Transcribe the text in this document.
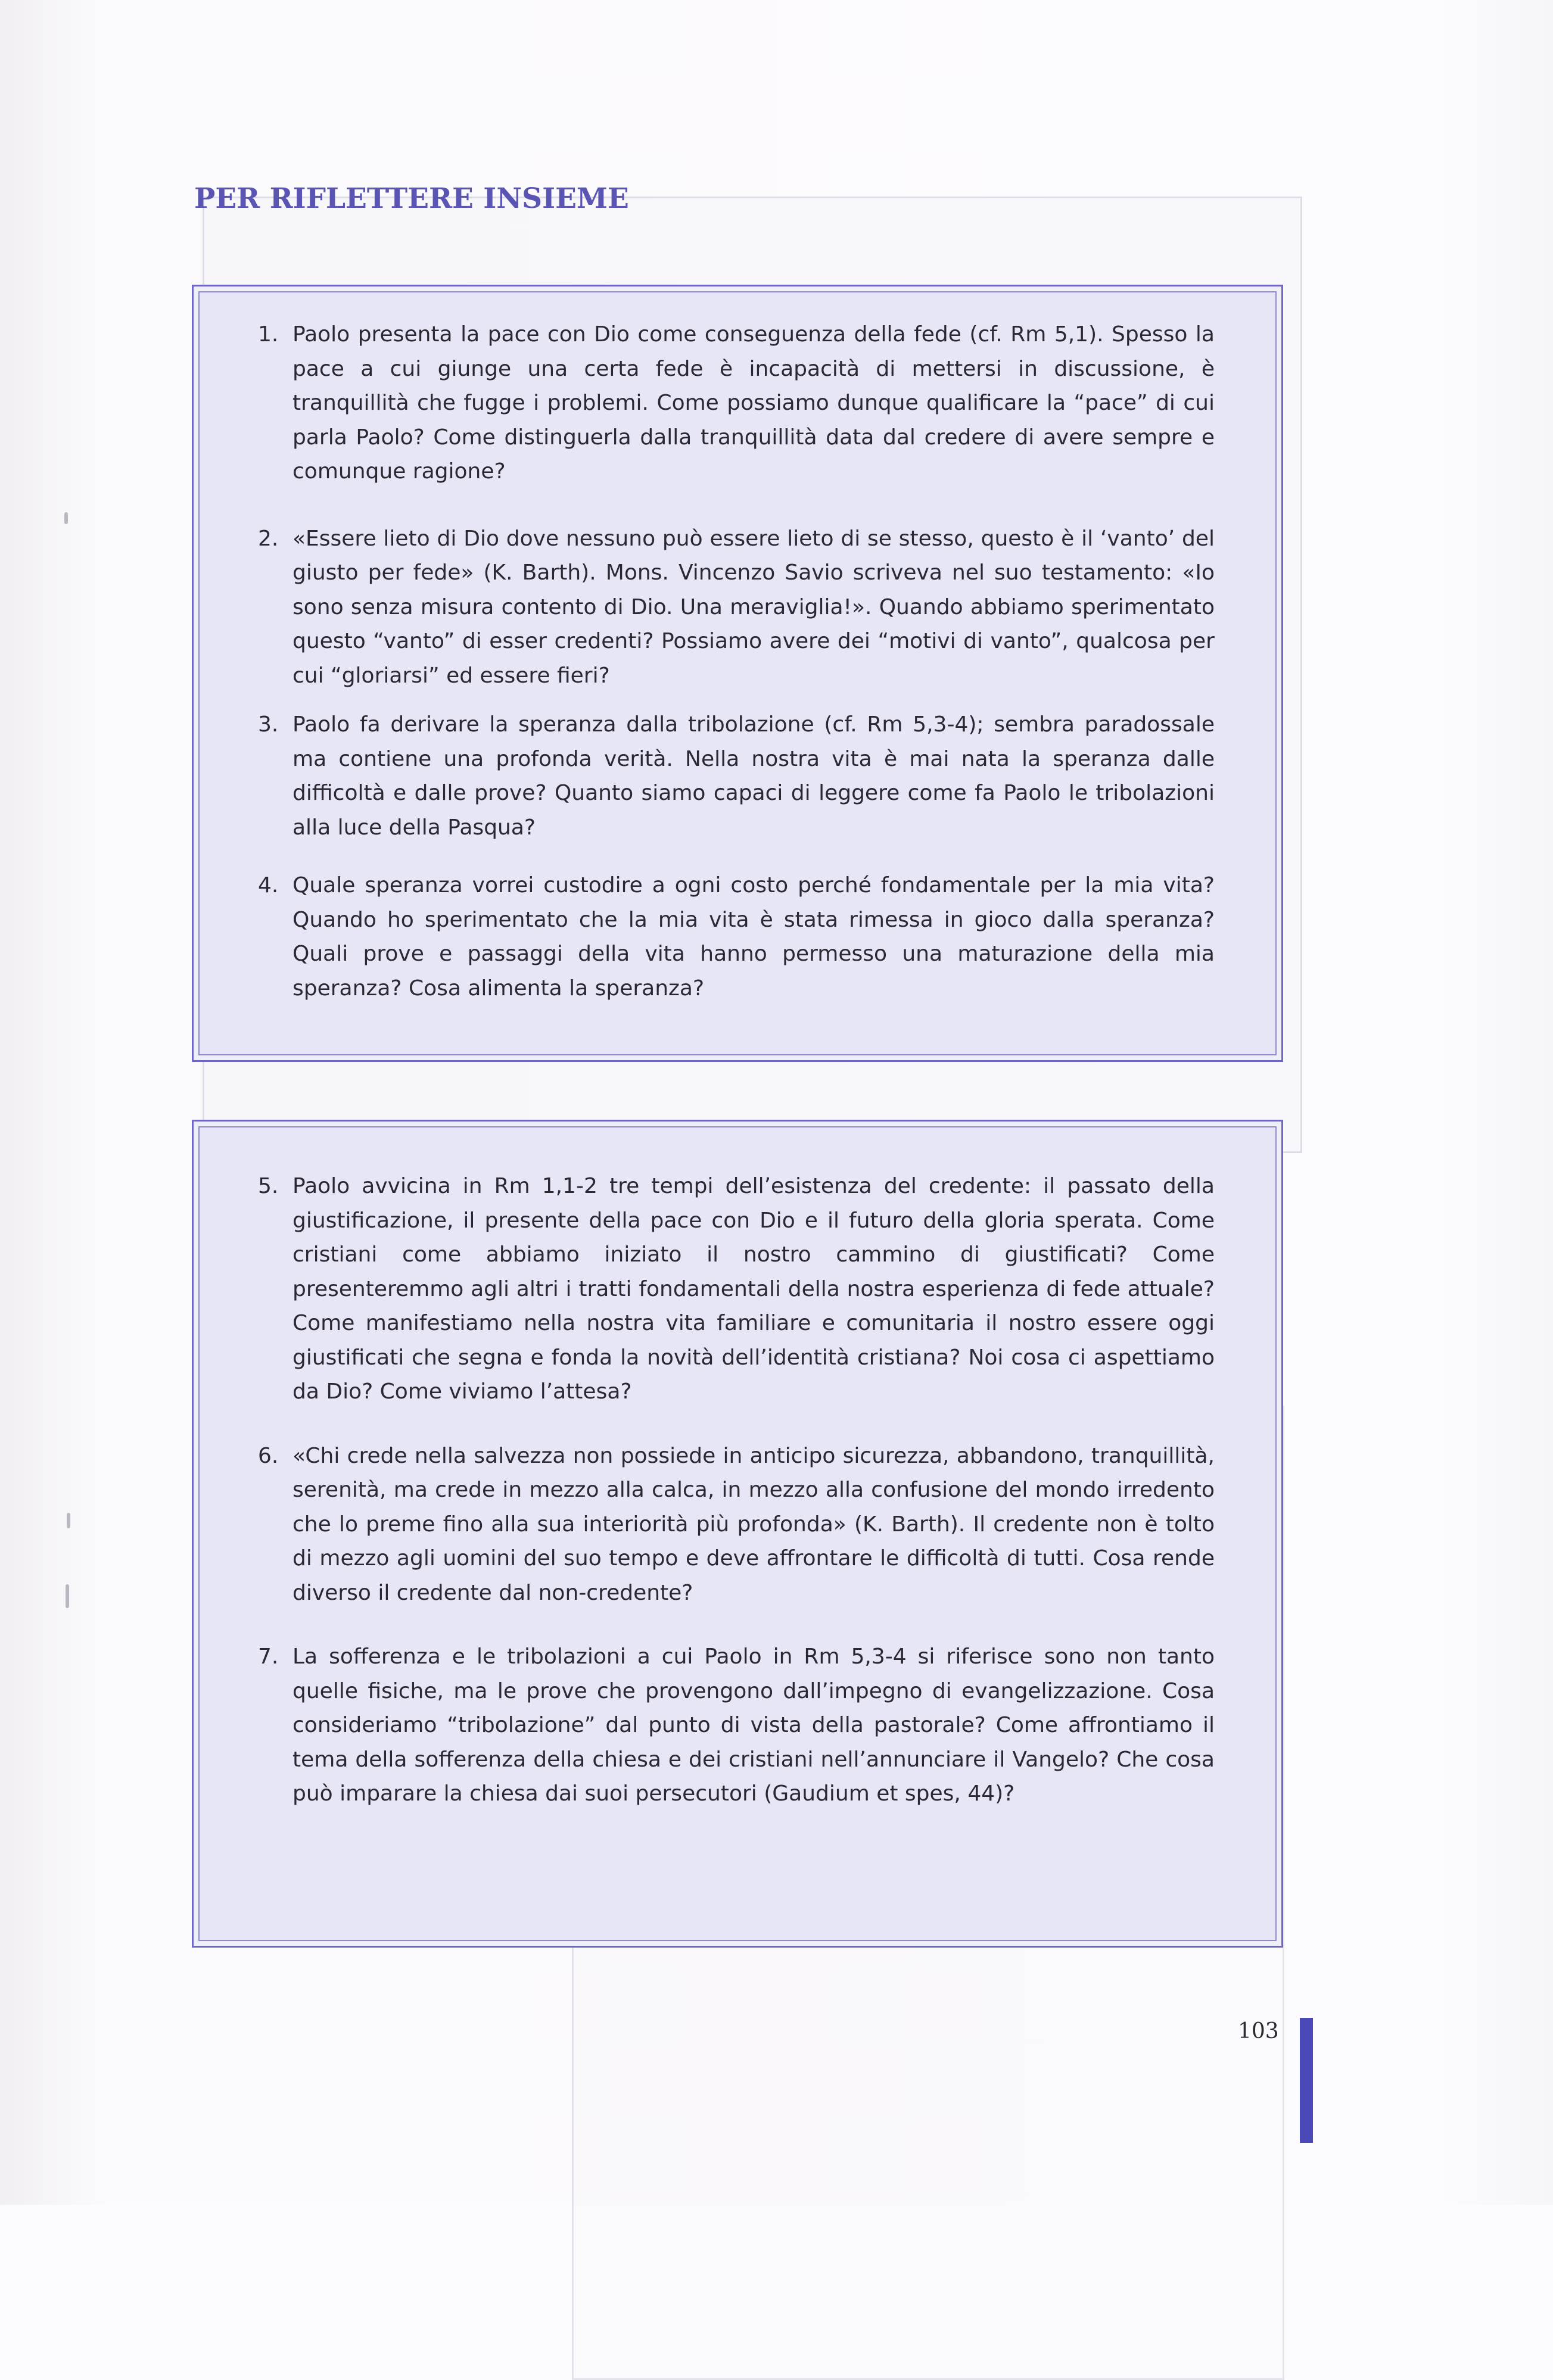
PER RIFLETTERE INSIEME
1. Paolo presenta la pace con Dio come conseguenza della fede (cf. Rm 5,1). Spesso la pace a cui giunge una certa fede è incapacità di mettersi in discussione, è tranquillità che fugge i problemi. Come possiamo dunque qualificare la “pace” di cui parla Paolo? Come distinguerla dalla tranquillità data dal credere di avere sempre e comunque ragione?
2. «Essere lieto di Dio dove nessuno può essere lieto di se stesso, questo è il ‘vanto’ del giusto per fede» (K. Barth). Mons. Vincenzo Savio scriveva nel suo testamento: «Io sono senza misura contento di Dio. Una meraviglia!». Quando abbiamo sperimentato questo “vanto” di esser credenti? Possiamo avere dei “motivi di vanto”, qualcosa per cui “gloriarsi” ed essere fieri?
3. Paolo fa derivare la speranza dalla tribolazione (cf. Rm 5,3-4); sembra paradossale ma contiene una profonda verità. Nella nostra vita è mai nata la speranza dalle difficoltà e dalle prove? Quanto siamo capaci di leggere come fa Paolo le tribolazioni alla luce della Pasqua?
4. Quale speranza vorrei custodire a ogni costo perché fondamentale per la mia vita? Quando ho sperimentato che la mia vita è stata rimessa in gioco dalla speranza? Quali prove e passaggi della vita hanno permesso una maturazione della mia speranza? Cosa alimenta la speranza?
5. Paolo avvicina in Rm 1,1-2 tre tempi dell’esistenza del credente: il passato della giustificazione, il presente della pace con Dio e il futuro della gloria sperata. Come cristiani come abbiamo iniziato il nostro cammino di giustificati? Come presenteremmo agli altri i tratti fondamentali della nostra esperienza di fede attuale? Come manifestiamo nella nostra vita familiare e comunitaria il nostro essere oggi giustificati che segna e fonda la novità dell’identità cristiana? Noi cosa ci aspettiamo da Dio? Come viviamo l’attesa?
6. «Chi crede nella salvezza non possiede in anticipo sicurezza, abbandono, tranquillità, serenità, ma crede in mezzo alla calca, in mezzo alla confusione del mondo irredento che lo preme fino alla sua interiorità più profonda» (K. Barth). Il credente non è tolto di mezzo agli uomini del suo tempo e deve affrontare le difficoltà di tutti. Cosa rende diverso il credente dal non-credente?
7. La sofferenza e le tribolazioni a cui Paolo in Rm 5,3-4 si riferisce sono non tanto quelle fisiche, ma le prove che provengono dall’impegno di evangelizzazione. Cosa consideriamo “tribolazione” dal punto di vista della pastorale? Come affrontiamo il tema della sofferenza della chiesa e dei cristiani nell’annunciare il Vangelo? Che cosa può imparare la chiesa dai suoi persecutori (Gaudium et spes, 44)?
103
